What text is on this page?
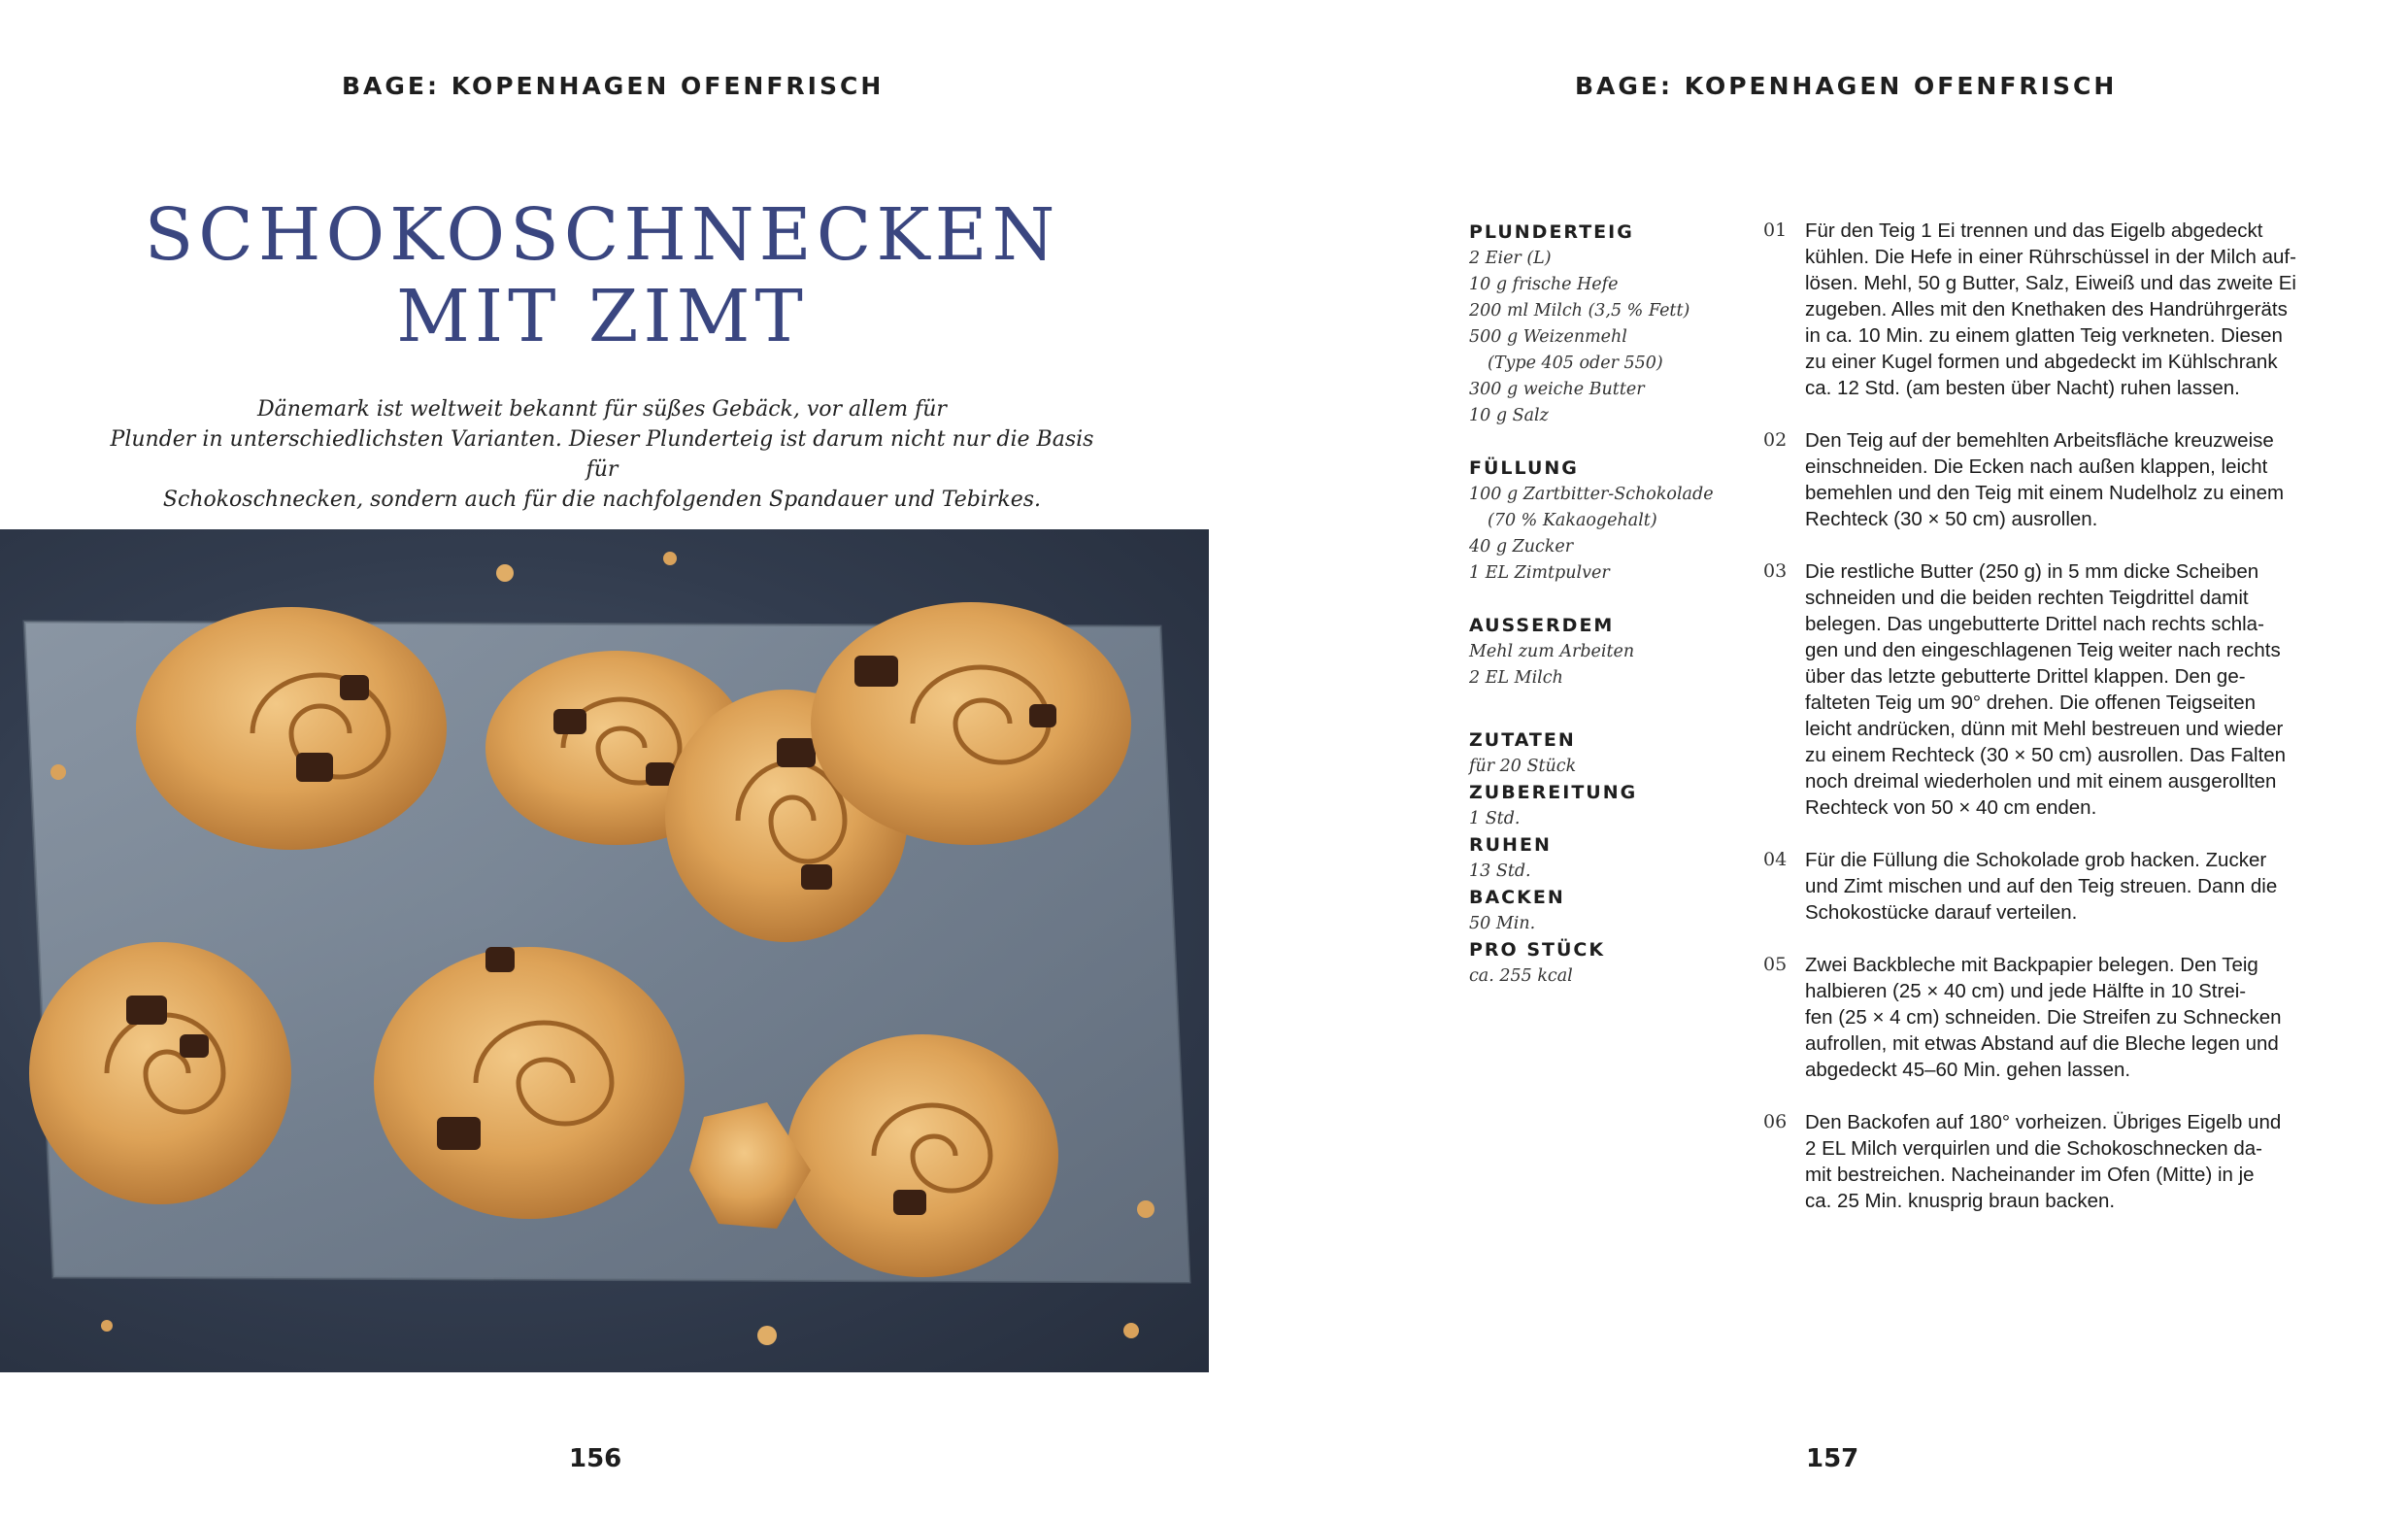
BAGE: KOPENHAGEN OFENFRISCH
SCHOKOSCHNECKEN
MIT ZIMT
Dänemark ist weltweit bekannt für süßes Gebäck, vor allem für
Plunder in unterschiedlichsten Varianten. Dieser Plunderteig ist darum nicht nur die Basis für
Schokoschnecken, sondern auch für die nachfolgenden Spandauer und Tebirkes.
156
BAGE: KOPENHAGEN OFENFRISCH
PLUNDERTEIG
2 Eier (L)
10 g frische Hefe
200 ml Milch (3,5 % Fett)
500 g Weizenmehl
(Type 405 oder 550)
300 g weiche Butter
10 g Salz
FÜLLUNG
100 g Zartbitter-Schokolade
(70 % Kakaogehalt)
40 g Zucker
1 EL Zimtpulver
AUSSERDEM
Mehl zum Arbeiten
2 EL Milch
ZUTATEN
für 20 Stück
ZUBEREITUNG
1 Std.
RUHEN
13 Std.
BACKEN
50 Min.
PRO STÜCK
ca. 255 kcal
01 Für den Teig 1 Ei trennen und das Eigelb abgedeckt
kühlen. Die Hefe in einer Rührschüssel in der Milch auf-
lösen. Mehl, 50 g Butter, Salz, Eiweiß und das zweite Ei
zugeben. Alles mit den Knethaken des Handrührgeräts
in ca. 10 Min. zu einem glatten Teig verkneten. Diesen
zu einer Kugel formen und abgedeckt im Kühlschrank
ca. 12 Std. (am besten über Nacht) ruhen lassen.
02 Den Teig auf der bemehlten Arbeitsfläche kreuzweise
einschneiden. Die Ecken nach außen klappen, leicht
bemehlen und den Teig mit einem Nudelholz zu einem
Rechteck (30 × 50 cm) ausrollen.
03 Die restliche Butter (250 g) in 5 mm dicke Scheiben
schneiden und die beiden rechten Teigdrittel damit
belegen. Das ungebutterte Drittel nach rechts schla-
gen und den eingeschlagenen Teig weiter nach rechts
über das letzte gebutterte Drittel klappen. Den ge-
falteten Teig um 90° drehen. Die offenen Teigseiten
leicht andrücken, dünn mit Mehl bestreuen und wieder
zu einem Rechteck (30 × 50 cm) ausrollen. Das Falten
noch dreimal wiederholen und mit einem ausgerollten
Rechteck von 50 × 40 cm enden.
04 Für die Füllung die Schokolade grob hacken. Zucker
und Zimt mischen und auf den Teig streuen. Dann die
Schokostücke darauf verteilen.
05 Zwei Backbleche mit Backpapier belegen. Den Teig
halbieren (25 × 40 cm) und jede Hälfte in 10 Strei-
fen (25 × 4 cm) schneiden. Die Streifen zu Schnecken
aufrollen, mit etwas Abstand auf die Bleche legen und
abgedeckt 45–60 Min. gehen lassen.
06 Den Backofen auf 180° vorheizen. Übriges Eigelb und
2 EL Milch verquirlen und die Schokoschnecken da-
mit bestreichen. Nacheinander im Ofen (Mitte) in je
ca. 25 Min. knusprig braun backen.
157
